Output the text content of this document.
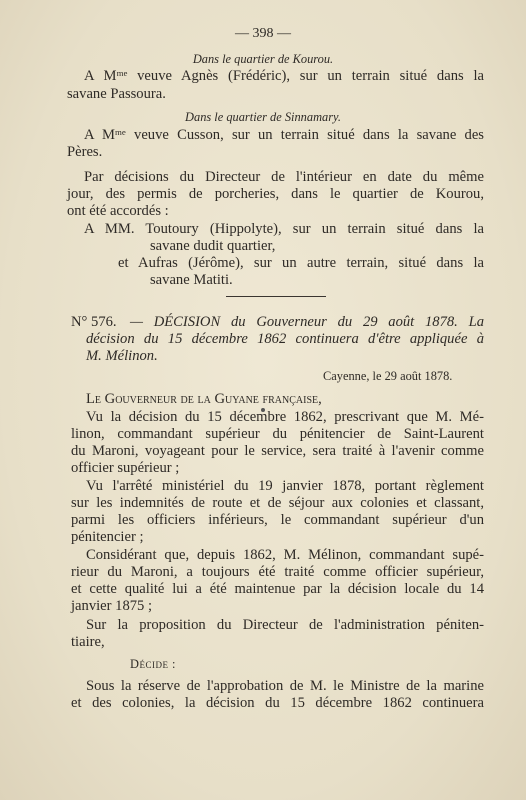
— 398 —
Dans le quartier de Kourou.
A Mᵐᵉ veuve Agnès (Frédéric), sur un terrain situé dans la
savane Passoura.
Dans le quartier de Sinnamary.
A Mᵐᵉ veuve Cusson, sur un terrain situé dans la savane des
Pères.
Par décisions du Directeur de l'intérieur en date du même
jour, des permis de porcheries, dans le quartier de Kourou,
ont été accordés :
A MM. Toutoury (Hippolyte), sur un terrain situé dans la
savane dudit quartier,
et Aufras (Jérôme), sur un autre terrain, situé dans la
savane Matiti.
N° 576. — DÉCISION du Gouverneur du 29 août 1878. La
décision du 15 décembre 1862 continuera d'être appliquée à
M. Mélinon.
Cayenne, le 29 août 1878.
Le Gouverneur de la Guyane française,
Vu la décision du 15 décembre 1862, prescrivant que M. Mé-
linon, commandant supérieur du pénitencier de Saint-Laurent
du Maroni, voyageant pour le service, sera traité à l'avenir comme
officier supérieur ;
Vu l'arrêté ministériel du 19 janvier 1878, portant règlement
sur les indemnités de route et de séjour aux colonies et classant,
parmi les officiers inférieurs, le commandant supérieur d'un
pénitencier ;
Considérant que, depuis 1862, M. Mélinon, commandant supé-
rieur du Maroni, a toujours été traité comme officier supérieur,
et cette qualité lui a été maintenue par la décision locale du 14
janvier 1875 ;
Sur la proposition du Directeur de l'administration péniten-
tiaire,
Décide :
Sous la réserve de l'approbation de M. le Ministre de la marine
et des colonies, la décision du 15 décembre 1862 continuera
